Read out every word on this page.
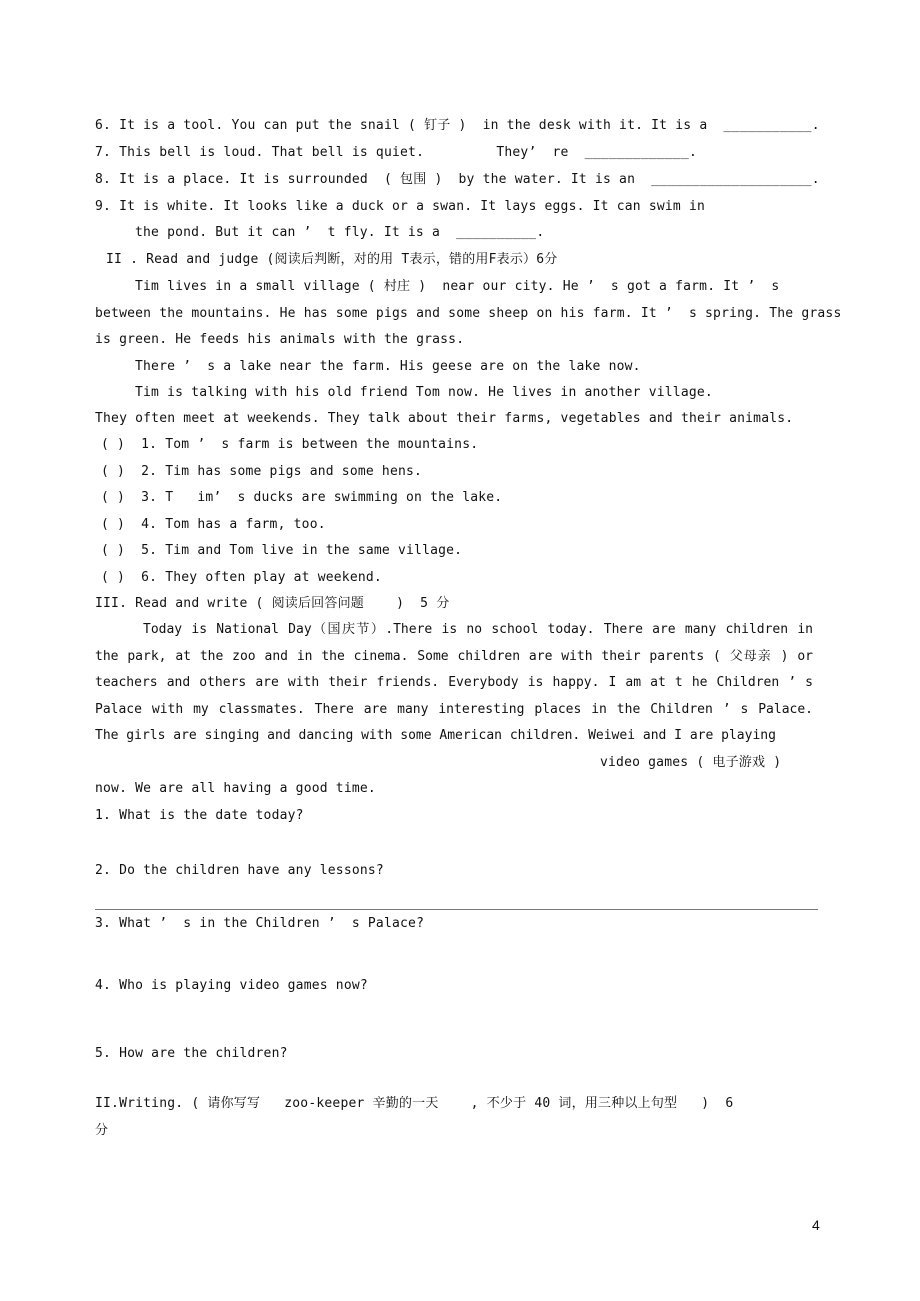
6. It is a tool. You can put the snail ( 钉子 )  in the desk with it. It is a  ___________.
7. This bell is loud. That bell is quiet.         They’  re  _____________.
8. It is a place. It is surrounded  ( 包围 )  by the water. It is an  ____________________.
9. It is white. It looks like a duck or a swan. It lays eggs. It can swim in
the pond. But it can ’  t fly. It is a  __________.
II . Read and judge (阅读后判断，对的用 T表示，错的用F表示）6分
Tim lives in a small village ( 村庄 )  near our city. He ’  s got a farm. It ’  s
between the mountains. He has some pigs and some sheep on his farm. It ’  s spring. The grass
is green. He feeds his animals with the grass.
There ’  s a lake near the farm. His geese are on the lake now.
Tim is talking with his old friend Tom now. He lives in another village.
They often meet at weekends. They talk about their farms, vegetables and their animals.
( )  1. Tom ’  s farm is between the mountains.
( )  2. Tim has some pigs and some hens.
( )  3. T   im’  s ducks are swimming on the lake.
( )  4. Tom has a farm, too.
( )  5. Tim and Tom live in the same village.
( )  6. They often play at weekend.
III. Read and write ( 阅读后回答问题    )  5 分
Today is National Day（国庆节）.There is no school today. There are many children in the park, at the zoo and in the cinema. Some children are with their parents ( 父母亲 ) or teachers and others are with their friends. Everybody is happy. I am at t he Children ’ s Palace with my classmates. There are many interesting places in the Children ’ s Palace. The girls are singing and dancing with some American children. Weiwei and I are playing
video games ( 电子游戏 )
now. We are all having a good time.
1. What is the date today?
2. Do the children have any lessons?
3. What ’  s in the Children ’  s Palace?
4. Who is playing video games now?
5. How are the children?
II.Writing. ( 请你写写   zoo-keeper 辛勤的一天    , 不少于 40 词，用三种以上句型   )  6
分
4
